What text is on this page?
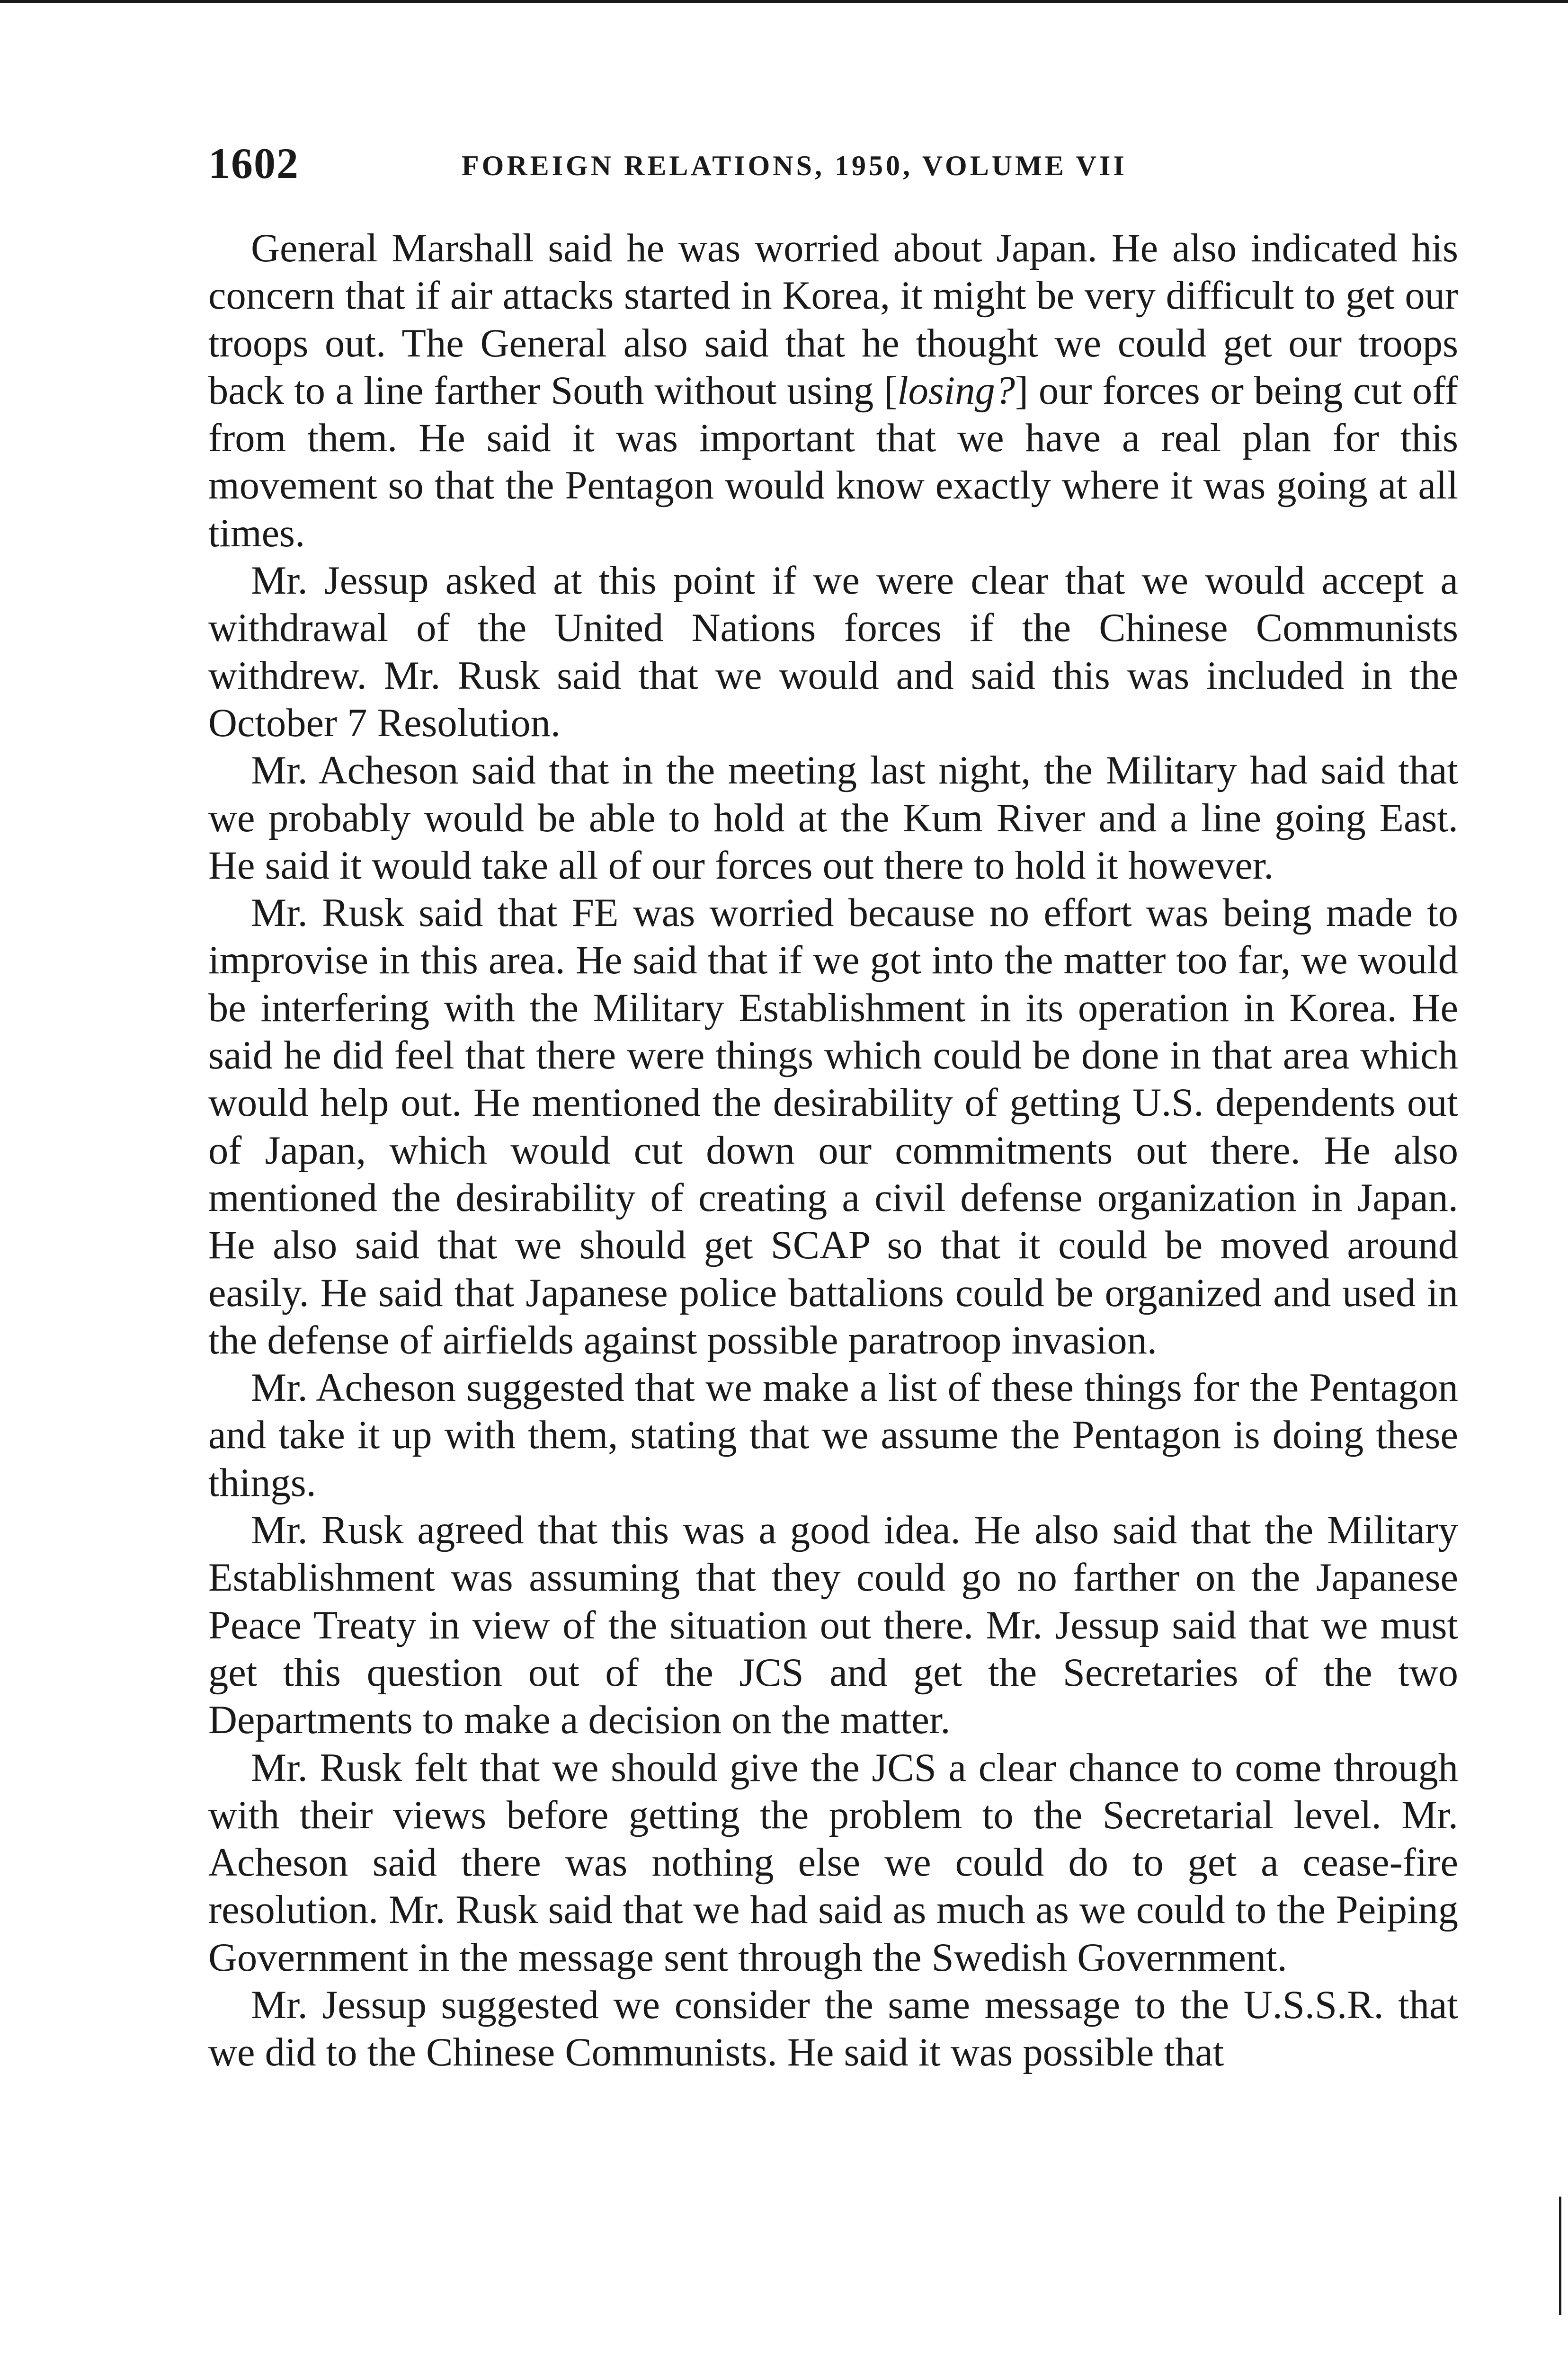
1602	FOREIGN RELATIONS, 1950, VOLUME VII

General Marshall said he was worried about Japan. He also indicated his concern that if air attacks started in Korea, it might be very difficult to get our troops out. The General also said that he thought we could get our troops back to a line farther South without using [losing?] our forces or being cut off from them. He said it was important that we have a real plan for this movement so that the Pentagon would know exactly where it was going at all times.

Mr. Jessup asked at this point if we were clear that we would accept a withdrawal of the United Nations forces if the Chinese Communists withdrew. Mr. Rusk said that we would and said this was included in the October 7 Resolution.

Mr. Acheson said that in the meeting last night, the Military had said that we probably would be able to hold at the Kum River and a line going East. He said it would take all of our forces out there to hold it however.

Mr. Rusk said that FE was worried because no effort was being made to improvise in this area. He said that if we got into the matter too far, we would be interfering with the Military Establishment in its operation in Korea. He said he did feel that there were things which could be done in that area which would help out. He mentioned the desirability of getting U.S. dependents out of Japan, which would cut down our commitments out there. He also mentioned the desirability of creating a civil defense organization in Japan. He also said that we should get SCAP so that it could be moved around easily. He said that Japanese police battalions could be organized and used in the defense of airfields against possible paratroop invasion.

Mr. Acheson suggested that we make a list of these things for the Pentagon and take it up with them, stating that we assume the Pentagon is doing these things.

Mr. Rusk agreed that this was a good idea. He also said that the Military Establishment was assuming that they could go no farther on the Japanese Peace Treaty in view of the situation out there. Mr. Jessup said that we must get this question out of the JCS and get the Secretaries of the two Departments to make a decision on the matter.

Mr. Rusk felt that we should give the JCS a clear chance to come through with their views before getting the problem to the Secretarial level. Mr. Acheson said there was nothing else we could do to get a cease-fire resolution. Mr. Rusk said that we had said as much as we could to the Peiping Government in the message sent through the Swedish Government.

Mr. Jessup suggested we consider the same message to the U.S.S.R. that we did to the Chinese Communists. He said it was possible that
